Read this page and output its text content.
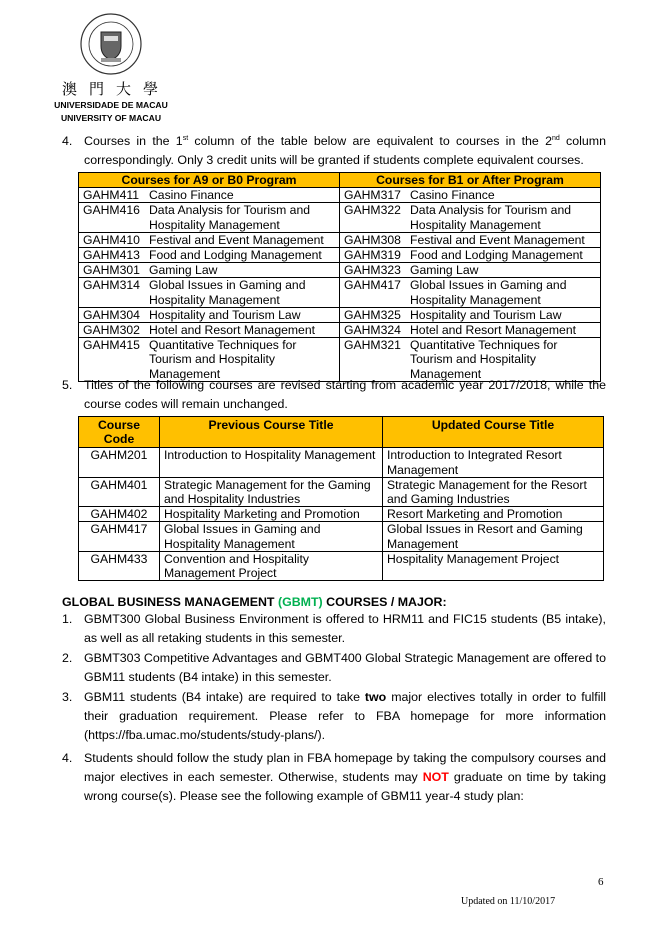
澳門大學
UNIVERSIDADE DE MACAU
UNIVERSITY OF MACAU
4. Courses in the 1st column of the table below are equivalent to courses in the 2nd column correspondingly. Only 3 credit units will be granted if students complete equivalent courses.
Courses for A9 or B0 Program		Courses for B1 or After Program	
GAHM411	Casino Finance	GAHM317	Casino Finance
GAHM416	Data Analysis for Tourism and Hospitality Management	GAHM322	Data Analysis for Tourism and Hospitality Management
GAHM410	Festival and Event Management	GAHM308	Festival and Event Management
GAHM413	Food and Lodging Management	GAHM319	Food and Lodging Management
GAHM301	Gaming Law	GAHM323	Gaming Law
GAHM314	Global Issues in Gaming and Hospitality Management	GAHM417	Global Issues in Gaming and Hospitality Management
GAHM304	Hospitality and Tourism Law	GAHM325	Hospitality and Tourism Law
GAHM302	Hotel and Resort Management	GAHM324	Hotel and Resort Management
GAHM415	Quantitative Techniques for Tourism and Hospitality Management	GAHM321	Quantitative Techniques for Tourism and Hospitality Management
5. Titles of the following courses are revised starting from academic year 2017/2018, while the course codes will remain unchanged.
Course Code	Previous Course Title	Updated Course Title
GAHM201	Introduction to Hospitality Management	Introduction to Integrated Resort Management
GAHM401	Strategic Management for the Gaming and Hospitality Industries	Strategic Management for the Resort and Gaming Industries
GAHM402	Hospitality Marketing and Promotion	Resort Marketing and Promotion
GAHM417	Global Issues in Gaming and Hospitality Management	Global Issues in Resort and Gaming Management
GAHM433	Convention and Hospitality Management Project	Hospitality Management Project
GLOBAL BUSINESS MANAGEMENT (GBMT) COURSES / MAJOR:
1. GBMT300 Global Business Environment is offered to HRM11 and FIC15 students (B5 intake), as well as all retaking students in this semester.
2. GBMT303 Competitive Advantages and GBMT400 Global Strategic Management are offered to GBM11 students (B4 intake) in this semester.
3. GBM11 students (B4 intake) are required to take two major electives totally in order to fulfill their graduation requirement. Please refer to FBA homepage for more information (https://fba.umac.mo/students/study-plans/).
4. Students should follow the study plan in FBA homepage by taking the compulsory courses and major electives in each semester. Otherwise, students may NOT graduate on time by taking wrong course(s). Please see the following example of GBM11 year-4 study plan:
6
Updated on 11/10/2017
